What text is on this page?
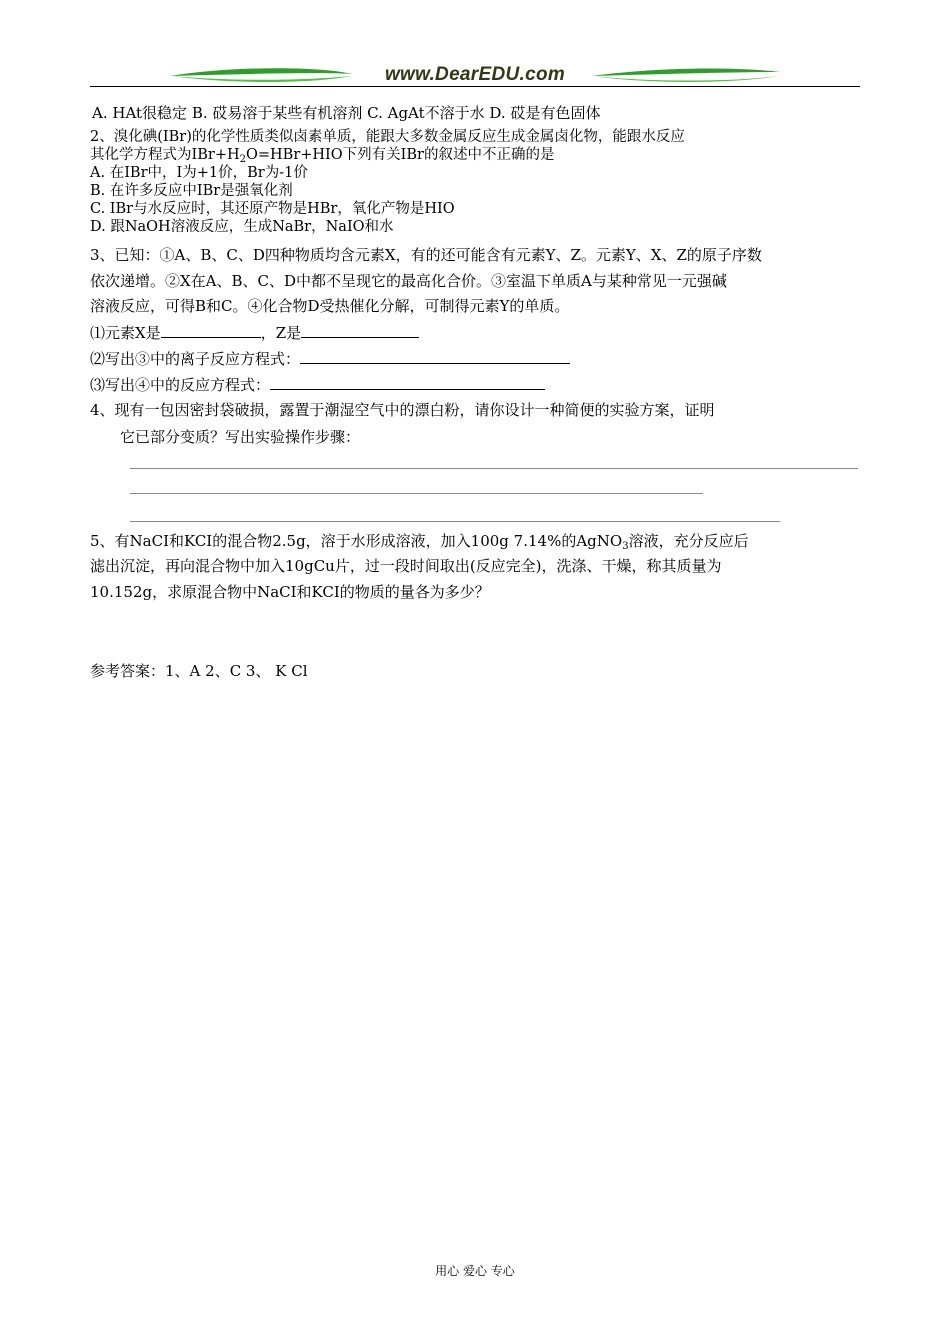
www.DearEDU.com
A. HAt很稳定 B. 砹易溶于某些有机溶剂 C. AgAt不溶于水 D. 砹是有色固体
2、溴化碘(IBr)的化学性质类似卤素单质，能跟大多数金属反应生成金属卤化物，能跟水反应
其化学方程式为$IBr+H_2O=HBr+HIO$下列有关IBr的叙述中不正确的是
A. 在IBr中，I为+1价，Br为-1价
B. 在许多反应中IBr是强氧化剂
C. IBr与水反应时，其还原产物是HBr，氧化产物是HIO
D. 跟NaOH溶液反应，生成NaBr，NaIO和水
3、已知：①A、B、C、D四种物质均含元素X，有的还可能含有元素Y、Z。元素Y、X、Z的原子序数
依次递增。②X在A、B、C、D中都不呈现它的最高化合价。③室温下单质A与某种常见一元强碱
溶液反应，可得B和C。④化合物D受热催化分解，可制得元素Y的单质。
⑴元素X是	，Z是
⑵写出③中的离子反应方程式：
⑶写出④中的反应方程式：
4、现有一包因密封袋破损，露置于潮湿空气中的漂白粉，请你设计一种简便的实验方案，证明
它已部分变质？写出实验操作步骤：
5、有NaCI和KCI的混合物2.5g，溶于水形成溶液，加入100g 7.14%的AgNO$_3$溶液，充分反应后
滤出沉淀，再向混合物中加入10gCu片，过一段时间取出(反应完全)，洗涤、干燥，称其质量为
10.152g，求原混合物中NaCI和KCI的物质的量各为多少？
参考答案：1、A 2、C 3、 K Cl
用心 爱心 专心
